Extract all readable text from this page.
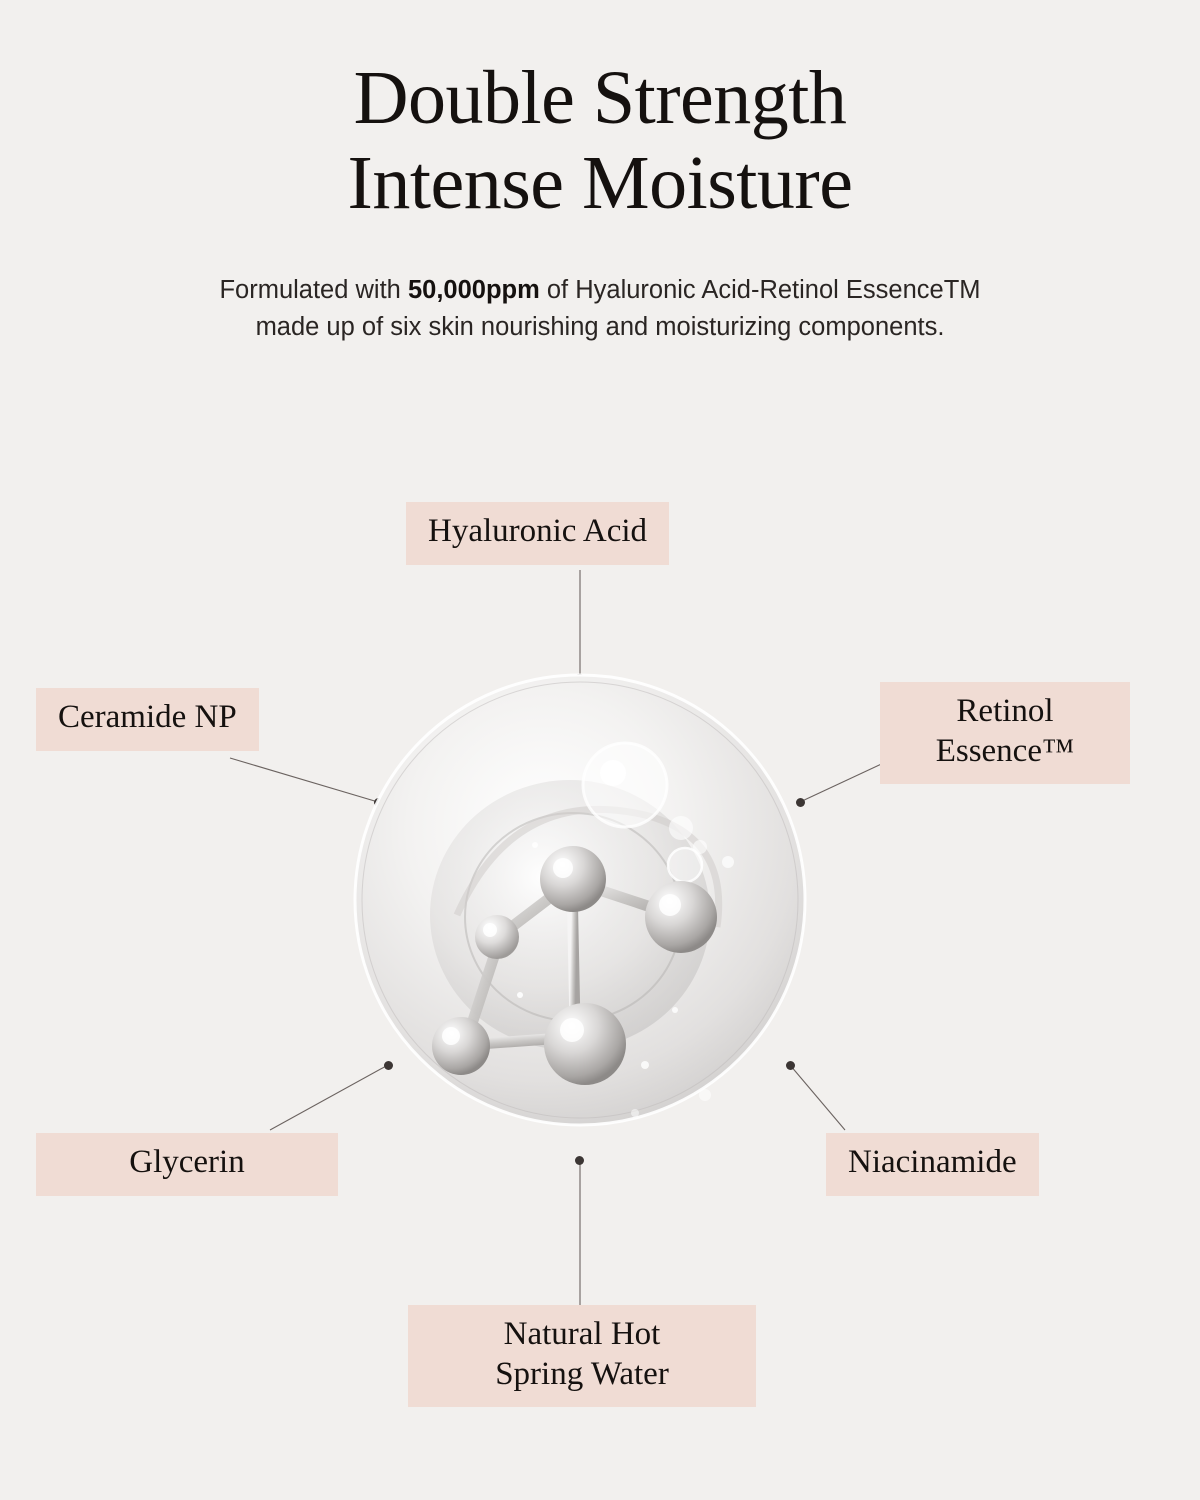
Double Strength
Intense Moisture

Formulated with 50,000ppm of Hyaluronic Acid-Retinol EssenceTM
made up of six skin nourishing and moisturizing components.

Hyaluronic Acid
Ceramide NP	Retinol
Essence™
Glycerin	Niacinamide
Natural Hot
Spring Water
